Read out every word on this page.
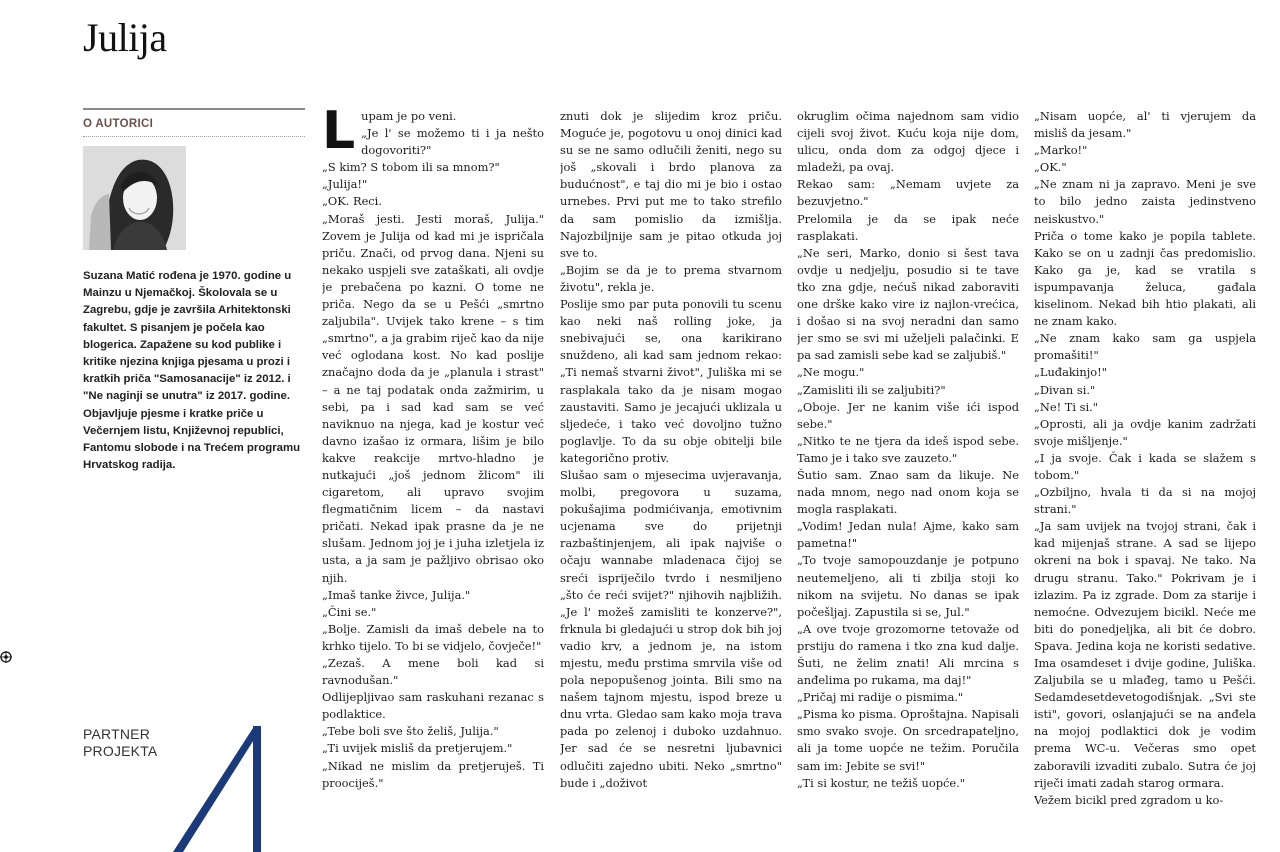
Julija
O AUTORICI

Suzana Matić rođena je 1970. godine u Mainzu u Njemačkoj. Školovala se u Zagrebu, gdje je završila Arhitektonski fakultet. S pisanjem je počela kao blogerica. Zapažene su kod publike i kritike njezina knjiga pjesama u prozi i kratkih priča "Samosanacije" iz 2012. i "Ne naginji se unutra" iz 2017. godine. Objavljuje pjesme i kratke priče u Večernjem listu, Književnoj republici, Fantomu slobode i na Trećem programu Hrvatskog radija.

PARTNER PROJEKTA
L upam je po veni.

„Je l' se možemo ti i ja nešto dogovoriti?"

„S kim? S tobom ili sa mnom?"

„Julija!"

„OK. Reci.

„Moraš jesti. Jesti moraš, Julija." Zovem je Julija od kad mi je ispričala priču. Znači, od prvog dana. Njeni su nekako uspjeli sve zataškati, ali ovdje je prebačena po kazni. O tome ne priča. Nego da se u Pešći „smrtno zaljubila". Uvijek tako krene – s tim „smrtno", a ja grabim riječ kao da nije već oglodana kost. No kad poslije značajno doda da je „planula i strast" – a ne taj podatak onda zažmirim, u sebi, pa i sad kad sam se već naviknuo na njega, kad je kostur već davno izašao iz ormara, lišim je bilo kakve reakcije mrtvo-hladno je nutkajući „još jednom žlicom" ili cigaretom, ali upravo svojim flegmatičnim licem – da nastavi pričati. Nekad ipak prasne da je ne slušam. Jednom joj je i juha izletjela iz usta, a ja sam je pažljivo obrisao oko njih.

„Imaš tanke živce, Julija."

„Čini se."

„Bolje. Zamisli da imaš debele na to krhko tijelo. To bi se vidjelo, čovječe!"

„Zezaš. A mene boli kad si ravnodušan."

Odlijepljivao sam raskuhani rezanac s podlaktice.

„Tebe boli sve što želiš, Julija."

„Ti uvijek misliš da pretjerujem."

„Nikad ne mislim da pretjeruješ. Ti proociješ."

znuti dok je slijedim kroz priču. Moguće je, pogotovu u onoj dinici kad su se ne samo odlučili ženiti, nego su još „skovali i brdo planova za budućnost", e taj dio mi je bio i ostao urnebes. Prvi put me to tako strefilo da sam pomislio da izmišlja. Najozbiljnije sam je pitao otkuda joj sve to.

„Bojim se da je to prema stvarnom životu", rekla je.

Poslije smo par puta ponovili tu scenu kao neki naš rolling joke, ja snebivajući se, ona karikirano snuždeno, ali kad sam jednom rekao: „Ti nemaš stvarni život", Juliška mi se rasplakala tako da je nisam mogao zaustaviti. Samo je jecajući uklizala u sljedeće, i tako već dovoljno tužno poglavlje. To da su obje obitelji bile kategorično protiv.

Slušao sam o mjesecima uvjeravanja, molbi, pregovora u suzama, pokušajima podmićivanja, emotivnim ucjenama sve do prijetnji razbaštinjenjem, ali ipak najviše o očaju wannabe mladenaca čijoj se sreći ispriječilo tvrdo i nesmiljeno „što će reći svijet?" njihovih najbližih. „Je l' možeš zamisliti te konzerve?", frknula bi gledajući u strop dok bih joj vadio krv, a jednom je, na istom mjestu, među prstima smrvila više od pola nepopušenog jointa. Bili smo na našem tajnom mjestu, ispod breze u dnu vrta. Gledao sam kako moja trava pada po zelenoj i duboko uzdahnuo. Jer sad će se nesretni ljubavnici odlučiti zajedno ubiti. Neko „smrtno" bude i „doživot

okruglim očima najednom sam vidio cijeli svoj život. Kuću koja nije dom, ulicu, onda dom za odgoj djece i mladeži, pa ovaj.

Rekao sam: „Nemam uvjete za bezuvjetno."

Prelomila je da se ipak neće rasplakati.

„Ne seri, Marko, donio si šest tava ovdje u nedjelju, posudio si te tave tko zna gdje, nećuš nikad zaboraviti one drške kako vire iz najlon-vrećica, i došao si na svoj neradni dan samo jer smo se svi mi uželjeli palačinki. E pa sad zamisli sebe kad se zaljubiš."

„Ne mogu."

„Zamisliti ili se zaljubiti?"

„Oboje. Jer ne kanim više ići ispod sebe."

„Nitko te ne tjera da ideš ispod sebe. Tamo je i tako sve zauzeto."

Šutio sam. Znao sam da likuje. Ne nada mnom, nego nad onom koja se mogla rasplakati.

„Vodim! Jedan nula! Ajme, kako sam pametna!"

„To tvoje samopouzdanje je potpuno neutemeljeno, ali ti zbilja stoji ko nikom na svijetu. No danas se ipak počešljaj. Zapustila si se, Jul."

„A ove tvoje grozomorne tetovaže od prstiju do ramena i tko zna kud dalje. Šuti, ne želim znati! Ali mrcina s anđelima po rukama, ma daj!"

„Pričaj mi radije o pismima."

„Pisma ko pisma. Oproštajna. Napisali smo svako svoje. On srcedrapateljno, ali ja tome uopće ne težim. Poručila sam im: Jebite se svi!"

„Ti si kostur, ne težiš uopće."

„Nisam uopće, al' ti vjerujem da misliš da jesam."

„Marko!"

„OK."

„Ne znam ni ja zapravo. Meni je sve to bilo jedno zaista jedinstveno neiskustvo."

Priča o tome kako je popila tablete. Kako se on u zadnji čas predomislio. Kako ga je, kad se vratila s ispumpavanja želuca, gađala kiselinom. Nekad bih htio plakati, ali ne znam kako.

„Ne znam kako sam ga uspjela promašiti!"

„Luđakinjo!"

„Divan si."

„Ne! Ti si."

„Oprosti, ali ja ovdje kanim zadržati svoje mišljenje."

„I ja svoje. Čak i kada se slažem s tobom."

„Ozbiljno, hvala ti da si na mojoj strani."

„Ja sam uvijek na tvojoj strani, čak i kad mijenjaš strane. A sad se lijepo okreni na bok i spavaj. Ne tako. Na drugu stranu. Tako." Pokrivam je i izlazim. Pa iz zgrade. Dom za starije i nemoćne. Odvezujem bicikl. Neće me biti do ponedjeljka, ali bit će dobro. Spava. Jedina koja ne koristi sedative. Ima osamdeset i dvije godine, Juliška. Zaljubila se u mlađeg, tamo u Pešći. Sedamdesetdevetogodišnjak. „Svi ste isti", govori, oslanjajući se na anđela na mojoj podlaktici dok je vodim prema WC-u. Večeras smo opet zaboravili izvaditi zubalo. Sutra će joj riječi imati zadah starog ormara.

Vežem bicikl pred zgradom u ko-
